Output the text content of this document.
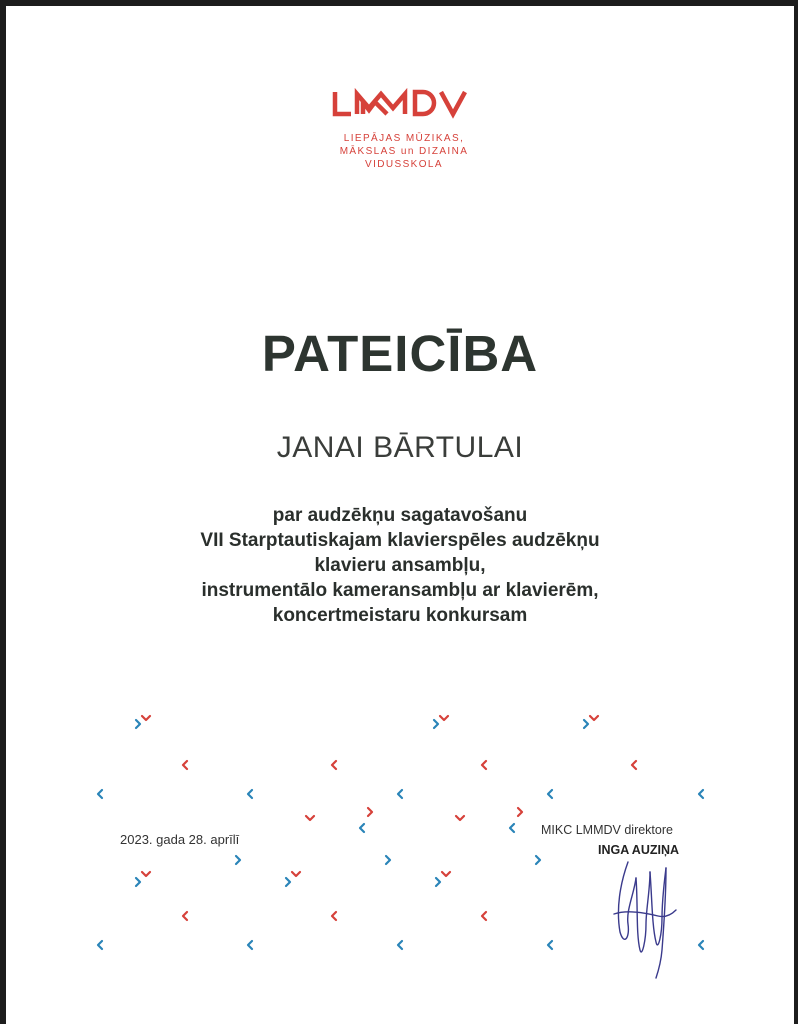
LIEPĀJAS MŪZIKAS,
MĀKSLAS un DIZAINA
VIDUSSKOLA
PATEICĪBA
JANAI BĀRTULAI
par audzēkņu sagatavošanu
VII Starptautiskajam klavierspēles audzēkņu
klavieru ansambļu,
instrumentālo kameransambļu ar klavierēm,
koncertmeistaru konkursam
2023. gada 28. aprīlī
MIKC LMMDV direktore
INGA AUZIŅA
